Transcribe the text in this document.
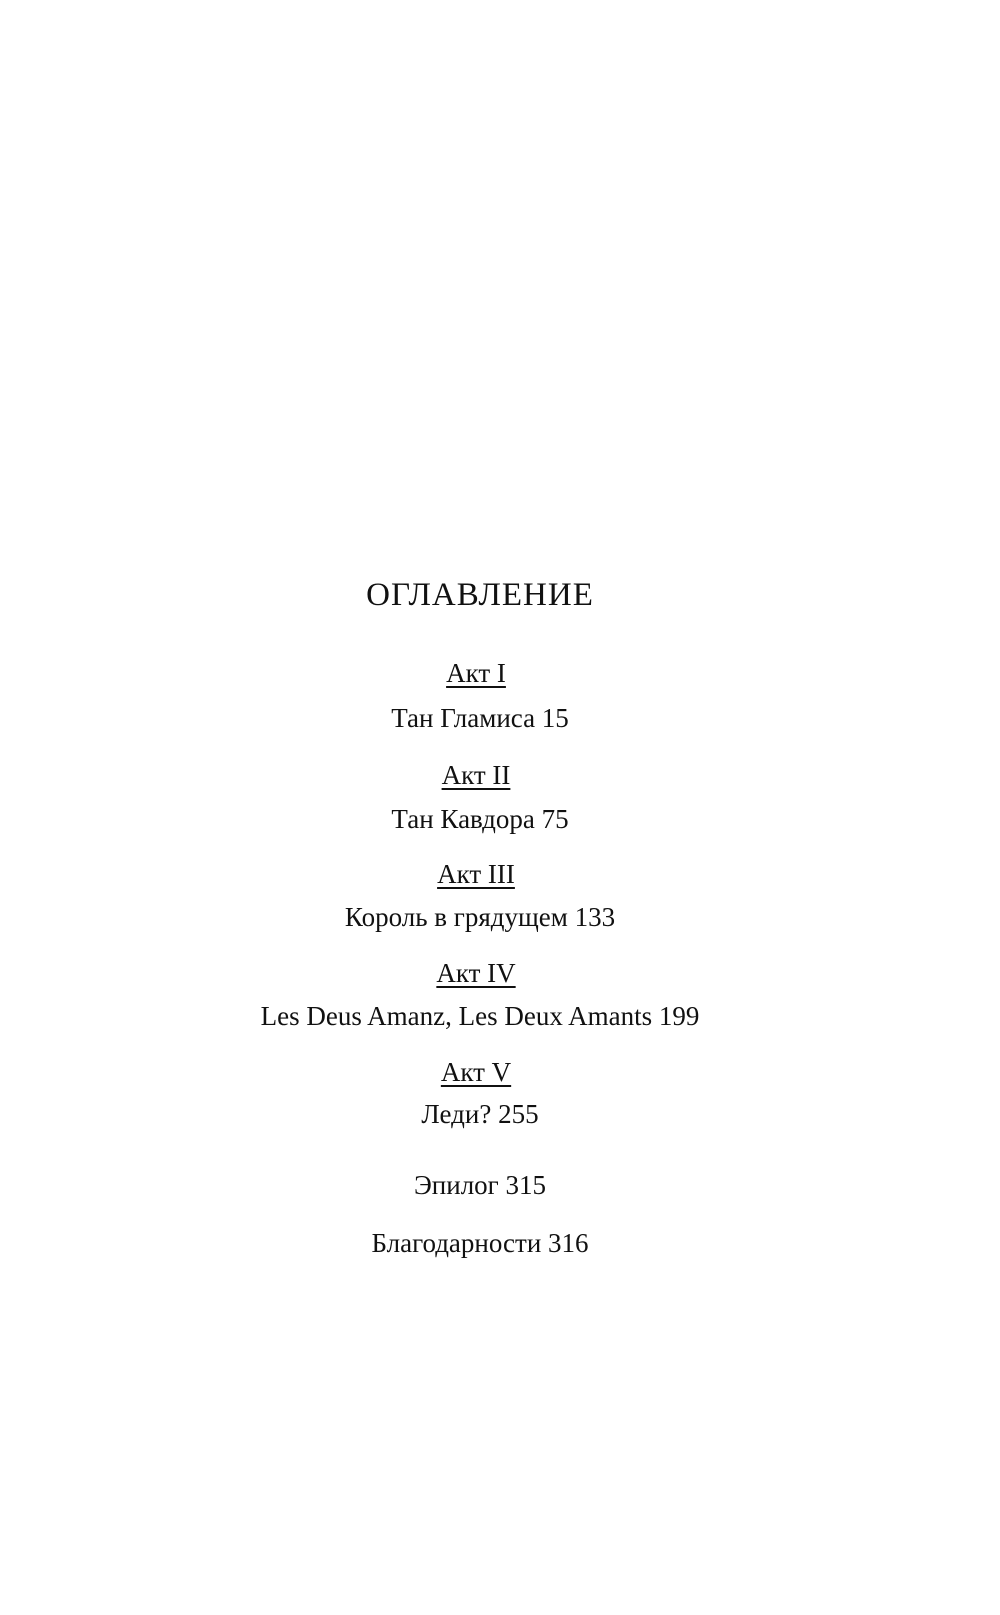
ОГЛАВЛЕНИЕ
Акт I
Тан Гламиса 15
Акт II
Тан Кавдора 75
Акт III
Король в грядущем 133
Акт IV
Les Deus Amanz, Les Deux Amants 199
Акт V
Леди? 255
Эпилог 315
Благодарности 316
